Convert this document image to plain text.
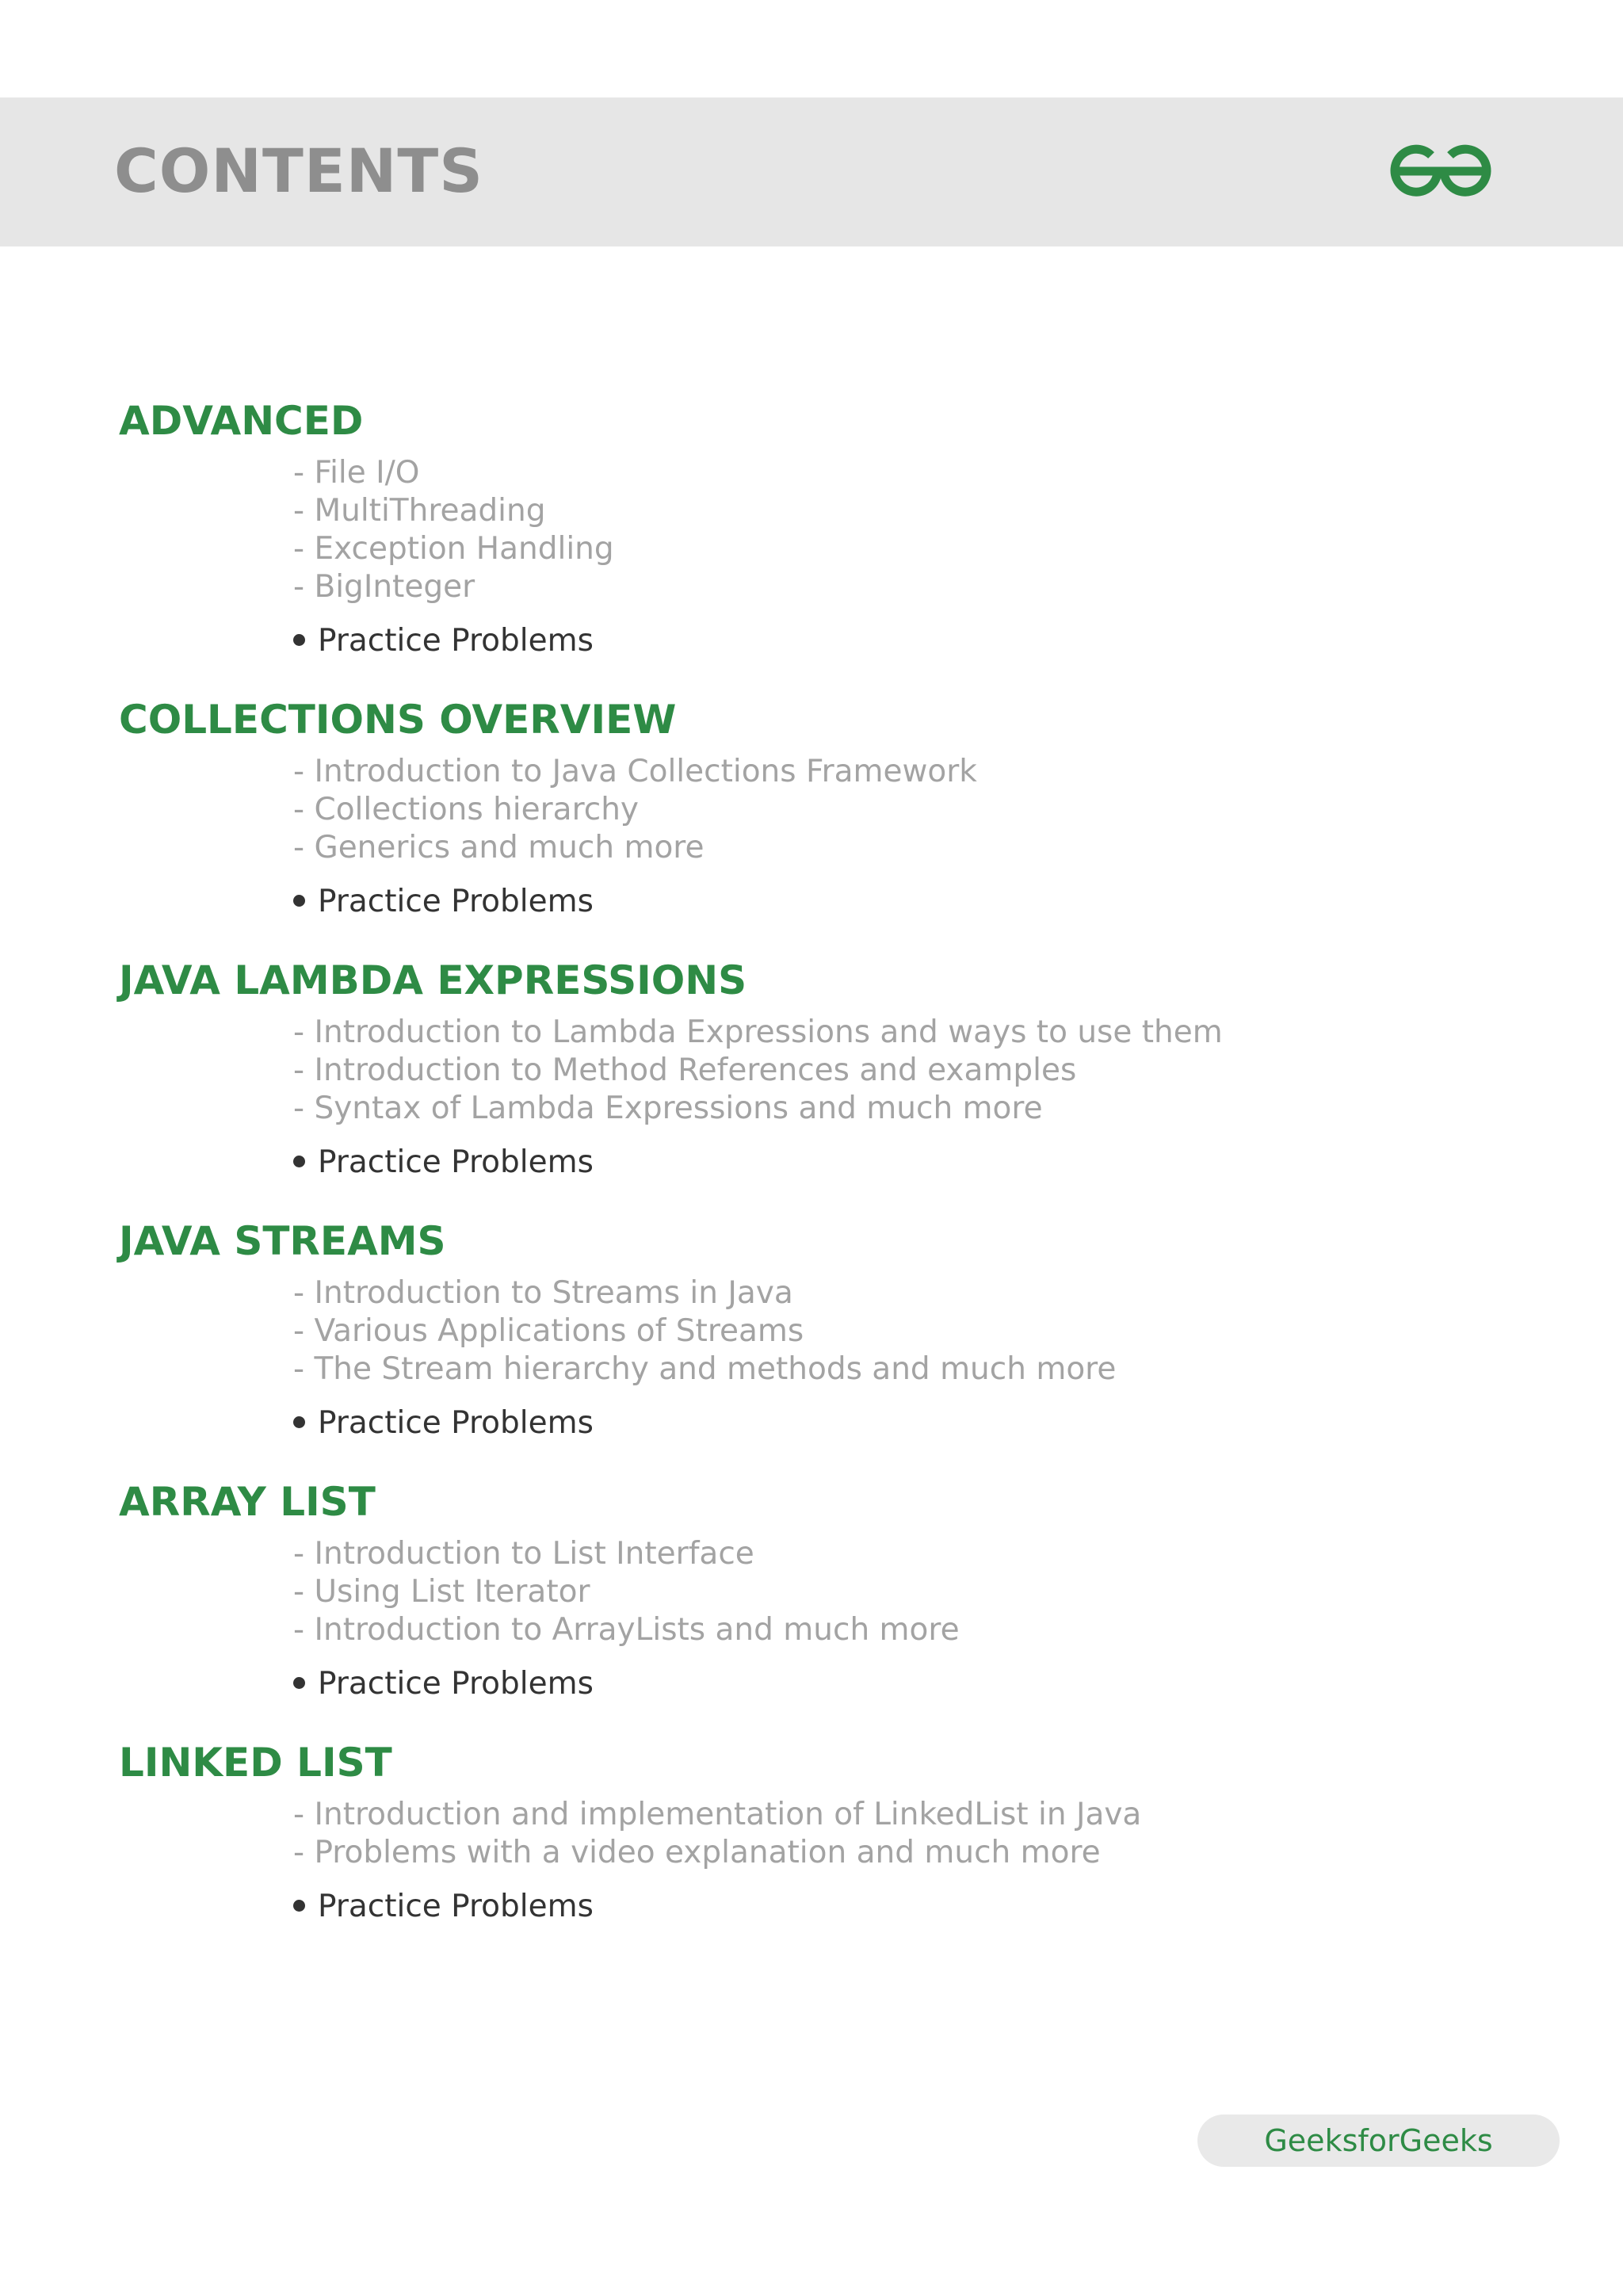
CONTENTS
ADVANCED
- File I/O
- MultiThreading
- Exception Handling
- BigInteger
Practice Problems
COLLECTIONS OVERVIEW
- Introduction to Java Collections Framework
- Collections hierarchy
- Generics and much more
Practice Problems
JAVA LAMBDA EXPRESSIONS
- Introduction to Lambda Expressions and ways to use them
- Introduction to Method References and examples
- Syntax of Lambda Expressions and much more
Practice Problems
JAVA STREAMS
- Introduction to Streams in Java
- Various Applications of Streams
- The Stream hierarchy and methods and much more
Practice Problems
ARRAY LIST
- Introduction to List Interface
- Using List Iterator
- Introduction to ArrayLists and much more
Practice Problems
LINKED LIST
- Introduction and implementation of LinkedList in Java
- Problems with a video explanation and much more
Practice Problems
GeeksforGeeks
